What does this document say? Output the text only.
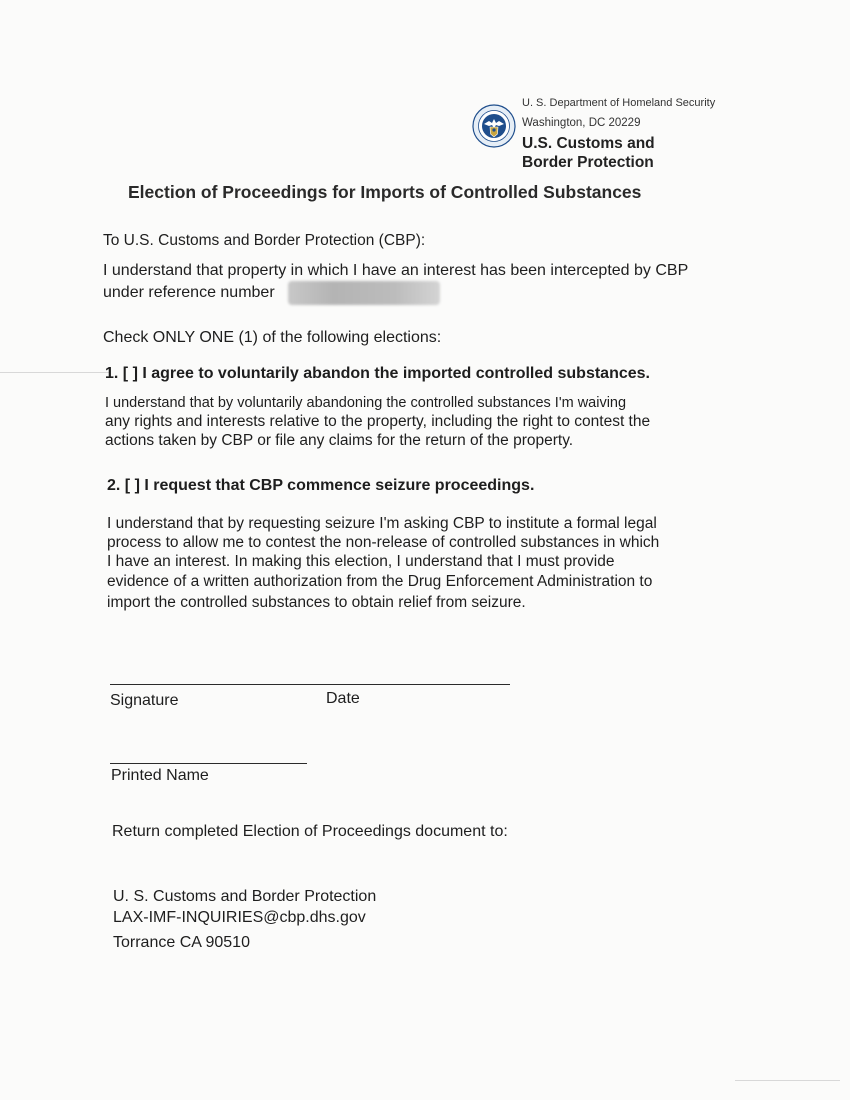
U. S. Department of Homeland Security
Washington, DC 20229
U.S. Customs and
Border Protection
Election of Proceedings for Imports of Controlled Substances
To U.S. Customs and Border Protection (CBP):
I understand that property in which I have an interest has been intercepted by CBP
under reference number
Check ONLY ONE (1) of the following elections:
1. [ ] I agree to voluntarily abandon the imported controlled substances.
I understand that by voluntarily abandoning the controlled substances I'm waiving
any rights and interests relative to the property, including the right to contest the
actions taken by CBP or file any claims for the return of the property.
2. [ ] I request that CBP commence seizure proceedings.
I understand that by requesting seizure I'm asking CBP to institute a formal legal
process to allow me to contest the non-release of controlled substances in which
I have an interest. In making this election, I understand that I must provide
evidence of a written authorization from the Drug Enforcement Administration to
import the controlled substances to obtain relief from seizure.
Signature	Date
Printed Name
Return completed Election of Proceedings document to:
U. S. Customs and Border Protection
LAX-IMF-INQUIRIES@cbp.dhs.gov
Torrance CA 90510
